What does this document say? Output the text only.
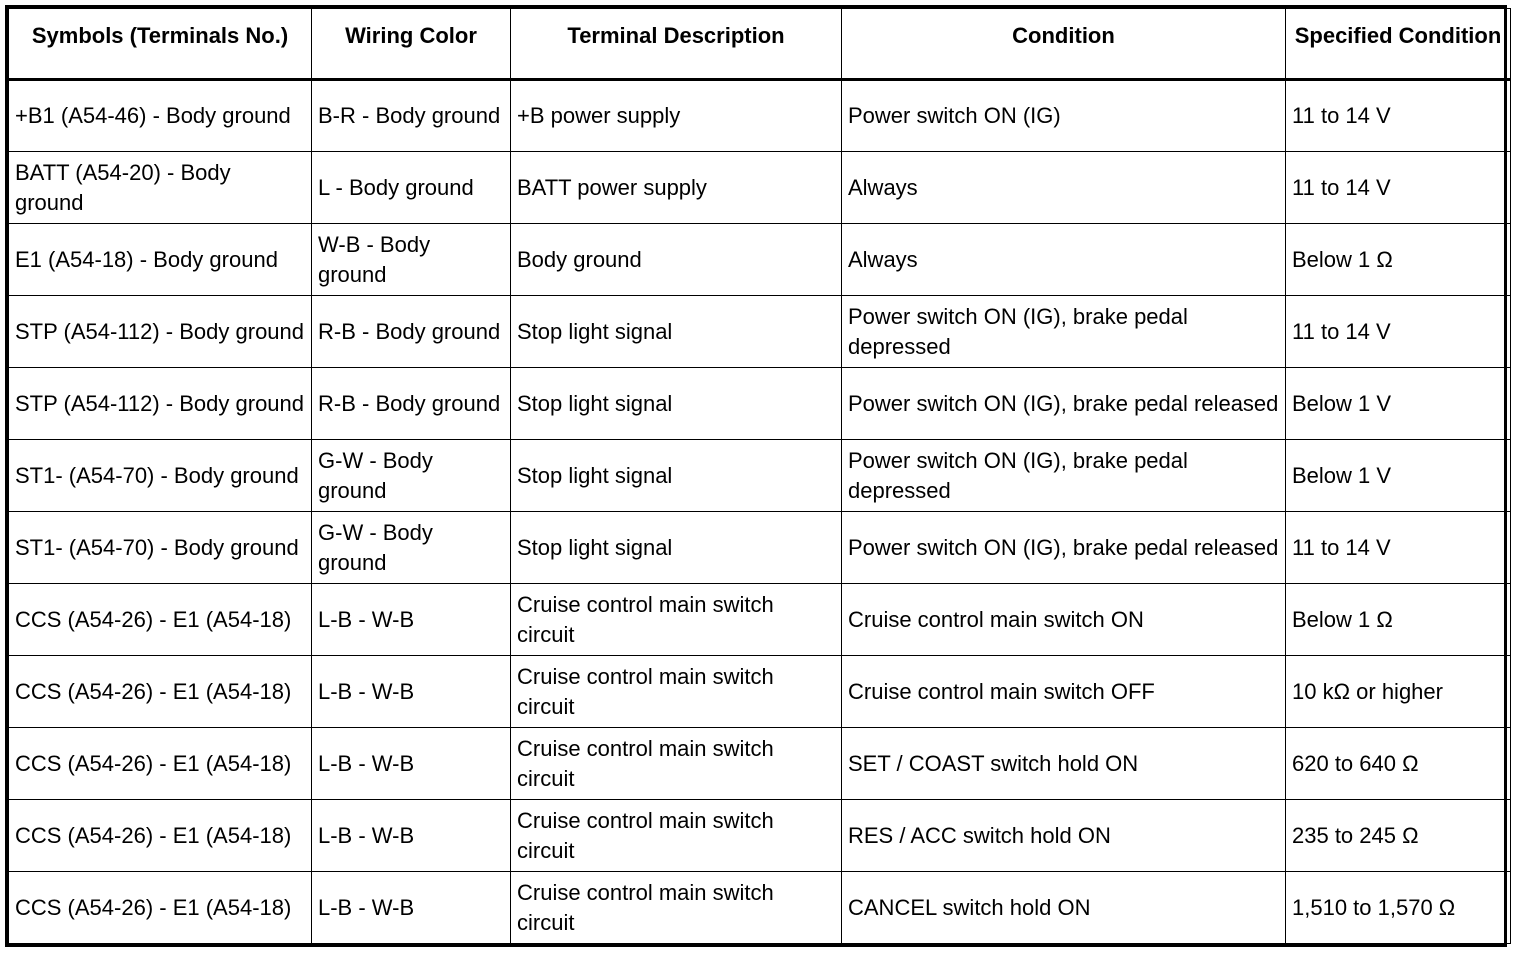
Symbols (Terminals No.)	Wiring Color	Terminal Description	Condition	Specified Condition
+B1 (A54-46) - Body ground	B-R - Body ground	+B power supply	Power switch ON (IG)	11 to 14 V
BATT (A54-20) - Body ground	L - Body ground	BATT power supply	Always	11 to 14 V
E1 (A54-18) - Body ground	W-B - Body ground	Body ground	Always	Below 1 Ω
STP (A54-112) - Body ground	R-B - Body ground	Stop light signal	Power switch ON (IG), brake pedal depressed	11 to 14 V
STP (A54-112) - Body ground	R-B - Body ground	Stop light signal	Power switch ON (IG), brake pedal released	Below 1 V
ST1- (A54-70) - Body ground	G-W - Body ground	Stop light signal	Power switch ON (IG), brake pedal depressed	Below 1 V
ST1- (A54-70) - Body ground	G-W - Body ground	Stop light signal	Power switch ON (IG), brake pedal released	11 to 14 V
CCS (A54-26) - E1 (A54-18)	L-B - W-B	Cruise control main switch circuit	Cruise control main switch ON	Below 1 Ω
CCS (A54-26) - E1 (A54-18)	L-B - W-B	Cruise control main switch circuit	Cruise control main switch OFF	10 kΩ or higher
CCS (A54-26) - E1 (A54-18)	L-B - W-B	Cruise control main switch circuit	SET / COAST switch hold ON	620 to 640 Ω
CCS (A54-26) - E1 (A54-18)	L-B - W-B	Cruise control main switch circuit	RES / ACC switch hold ON	235 to 245 Ω
CCS (A54-26) - E1 (A54-18)	L-B - W-B	Cruise control main switch circuit	CANCEL switch hold ON	1,510 to 1,570 Ω
